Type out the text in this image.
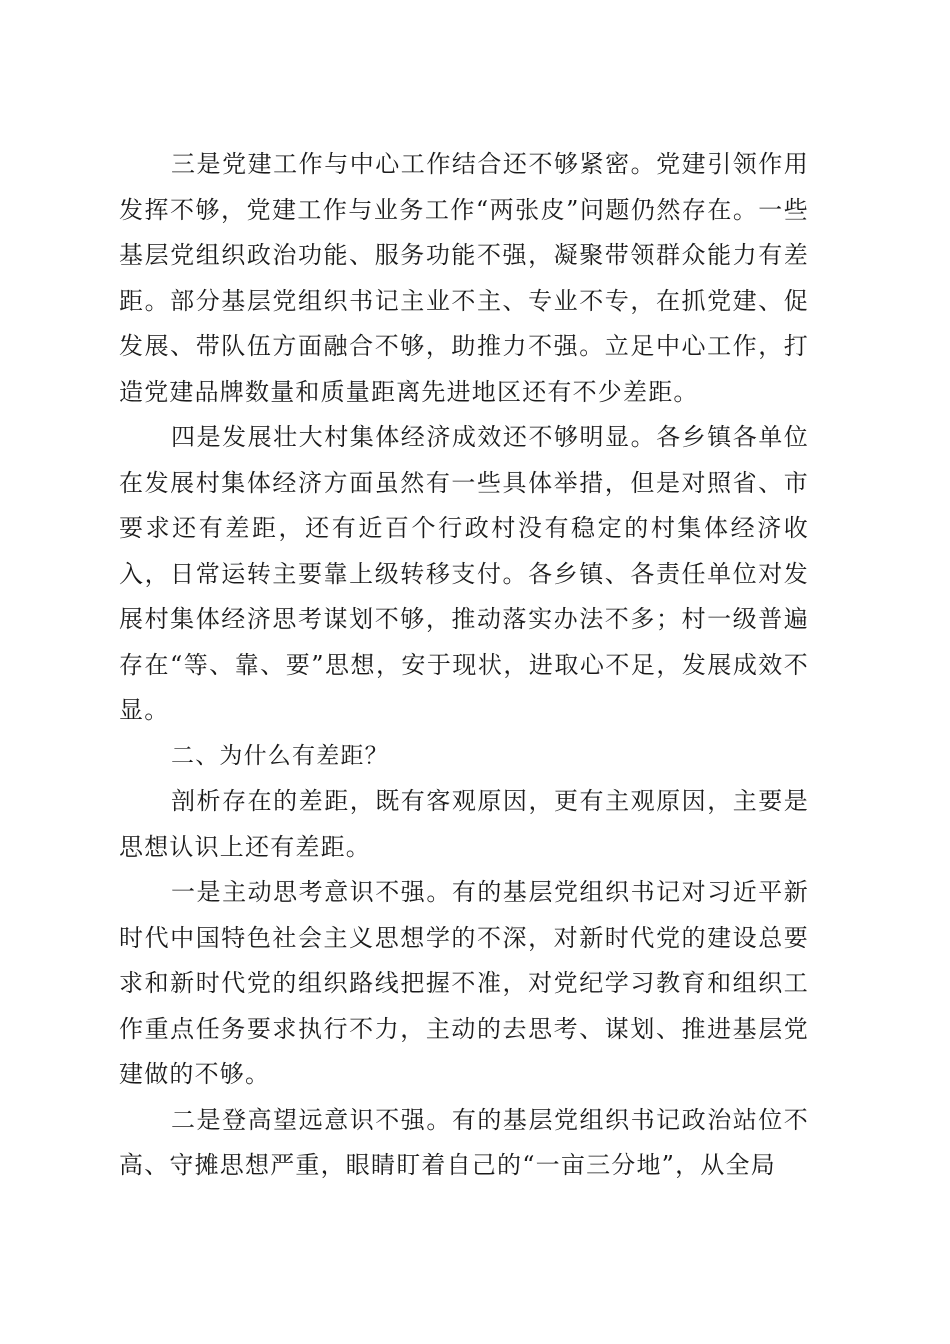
三是党建工作与中心工作结合还不够紧密。党建引领作用发挥不够，党建工作与业务工作“两张皮”问题仍然存在。一些基层党组织政治功能、服务功能不强，凝聚带领群众能力有差距。部分基层党组织书记主业不主、专业不专，在抓党建、促发展、带队伍方面融合不够，助推力不强。立足中心工作，打造党建品牌数量和质量距离先进地区还有不少差距。

四是发展壮大村集体经济成效还不够明显。各乡镇各单位在发展村集体经济方面虽然有一些具体举措，但是对照省、市要求还有差距，还有近百个行政村没有稳定的村集体经济收入，日常运转主要靠上级转移支付。各乡镇、各责任单位对发展村集体经济思考谋划不够，推动落实办法不多；村一级普遍存在“等、靠、要”思想，安于现状，进取心不足，发展成效不显。

二、为什么有差距？

剖析存在的差距，既有客观原因，更有主观原因，主要是思想认识上还有差距。

一是主动思考意识不强。有的基层党组织书记对习近平新时代中国特色社会主义思想学的不深，对新时代党的建设总要求和新时代党的组织路线把握不准，对党纪学习教育和组织工作重点任务要求执行不力，主动的去思考、谋划、推进基层党建做的不够。

二是登高望远意识不强。有的基层党组织书记政治站位不高、守摊思想严重，眼睛盯着自己的“一亩三分地”，从全局
